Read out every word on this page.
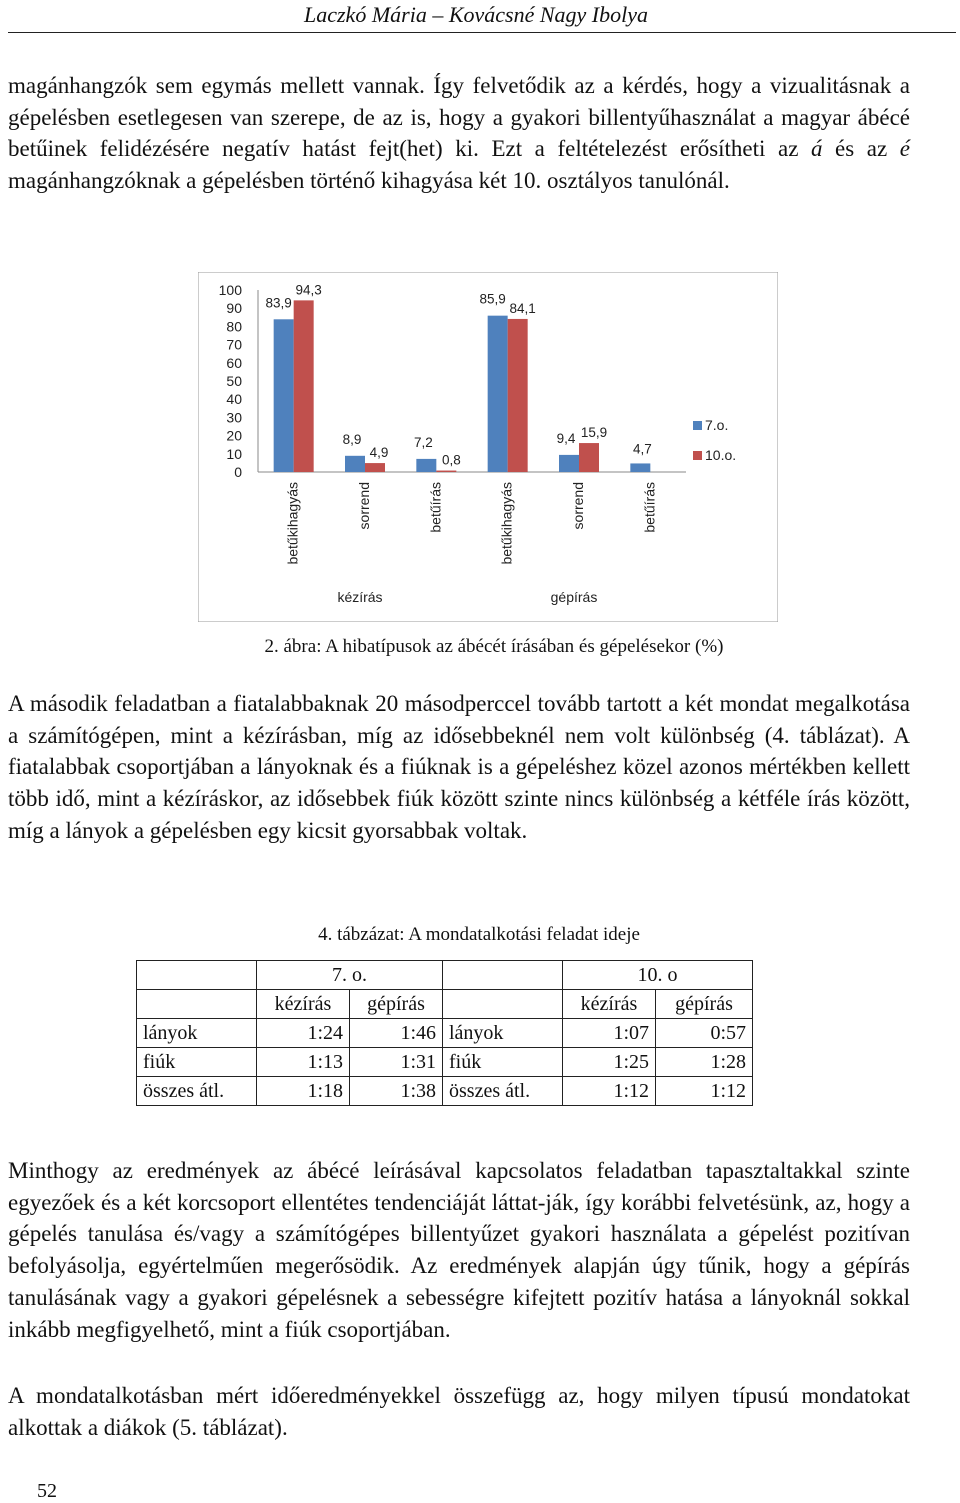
Laczkó Mária – Kovácsné Nagy Ibolya

magánhangzók sem egymás mellett vannak. Így felvetődik az a kérdés, hogy a vizualitásnak a gépelésben esetlegesen van szerepe, de az is, hogy a gyakori billentyűhasználat a magyar ábécé betűinek felidézésére negatív hatást fejt(het) ki. Ezt a feltételezést erősítheti az á és az é magánhangzóknak a gépelésben történő kihagyása két 10. osztályos tanulónál.

100
90
80
70
60
50
40
30
20
10
0
83,9
94,3
8,9
4,9
7,2
0,8
85,9
84,1
9,4 15,9
4,7
betűkihagyás	sorrend	betűírás	betűkihagyás	sorrend	betűírás
kézírás	gépírás
7.o.
10.o.
2. ábra: A hibatípusok az ábécét írásában és gépelésekor (%)

A második feladatban a fiatalabbaknak 20 másodperccel tovább tartott a két mondat megalkotása a számítógépen, mint a kézírásban, míg az idősebbeknél nem volt különbség (4. táblázat). A fiatalabbak csoportjában a lányoknak és a fiúknak is a gépeléshez közel azonos mértékben kellett több idő, mint a kézíráskor, az idősebbek fiúk között szinte nincs különbség a kétféle írás között, míg a lányok a gépelésben egy kicsit gyorsabbak voltak.

4. tábzázat: A mondatalkotási feladat ideje
	7. o.			10. o	
	kézírás	gépírás		kézírás	gépírás
lányok	1:24	1:46	lányok	1:07	0:57
fiúk	1:13	1:31	fiúk	1:25	1:28
összes átl.	1:18	1:38	összes átl.	1:12	1:12

Minthogy az eredmények az ábécé leírásával kapcsolatos feladatban tapasztaltakkal szinte egyezőek és a két korcsoport ellentétes tendenciáját láttat-ják, így korábbi felvetésünk, az, hogy a gépelés tanulása és/vagy a számítógépes billentyűzet gyakori használata a gépelést pozitívan befolyásolja, egyértelműen megerősödik. Az eredmények alapján úgy tűnik, hogy a gépírás tanulásának vagy a gyakori gépelésnek a sebességre kifejtett pozitív hatása a lányoknál sokkal inkább megfigyelhető, mint a fiúk csoportjában.

A mondatalkotásban mért időeredményekkel összefügg az, hogy milyen típusú mondatokat alkottak a diákok (5. táblázat).

52
